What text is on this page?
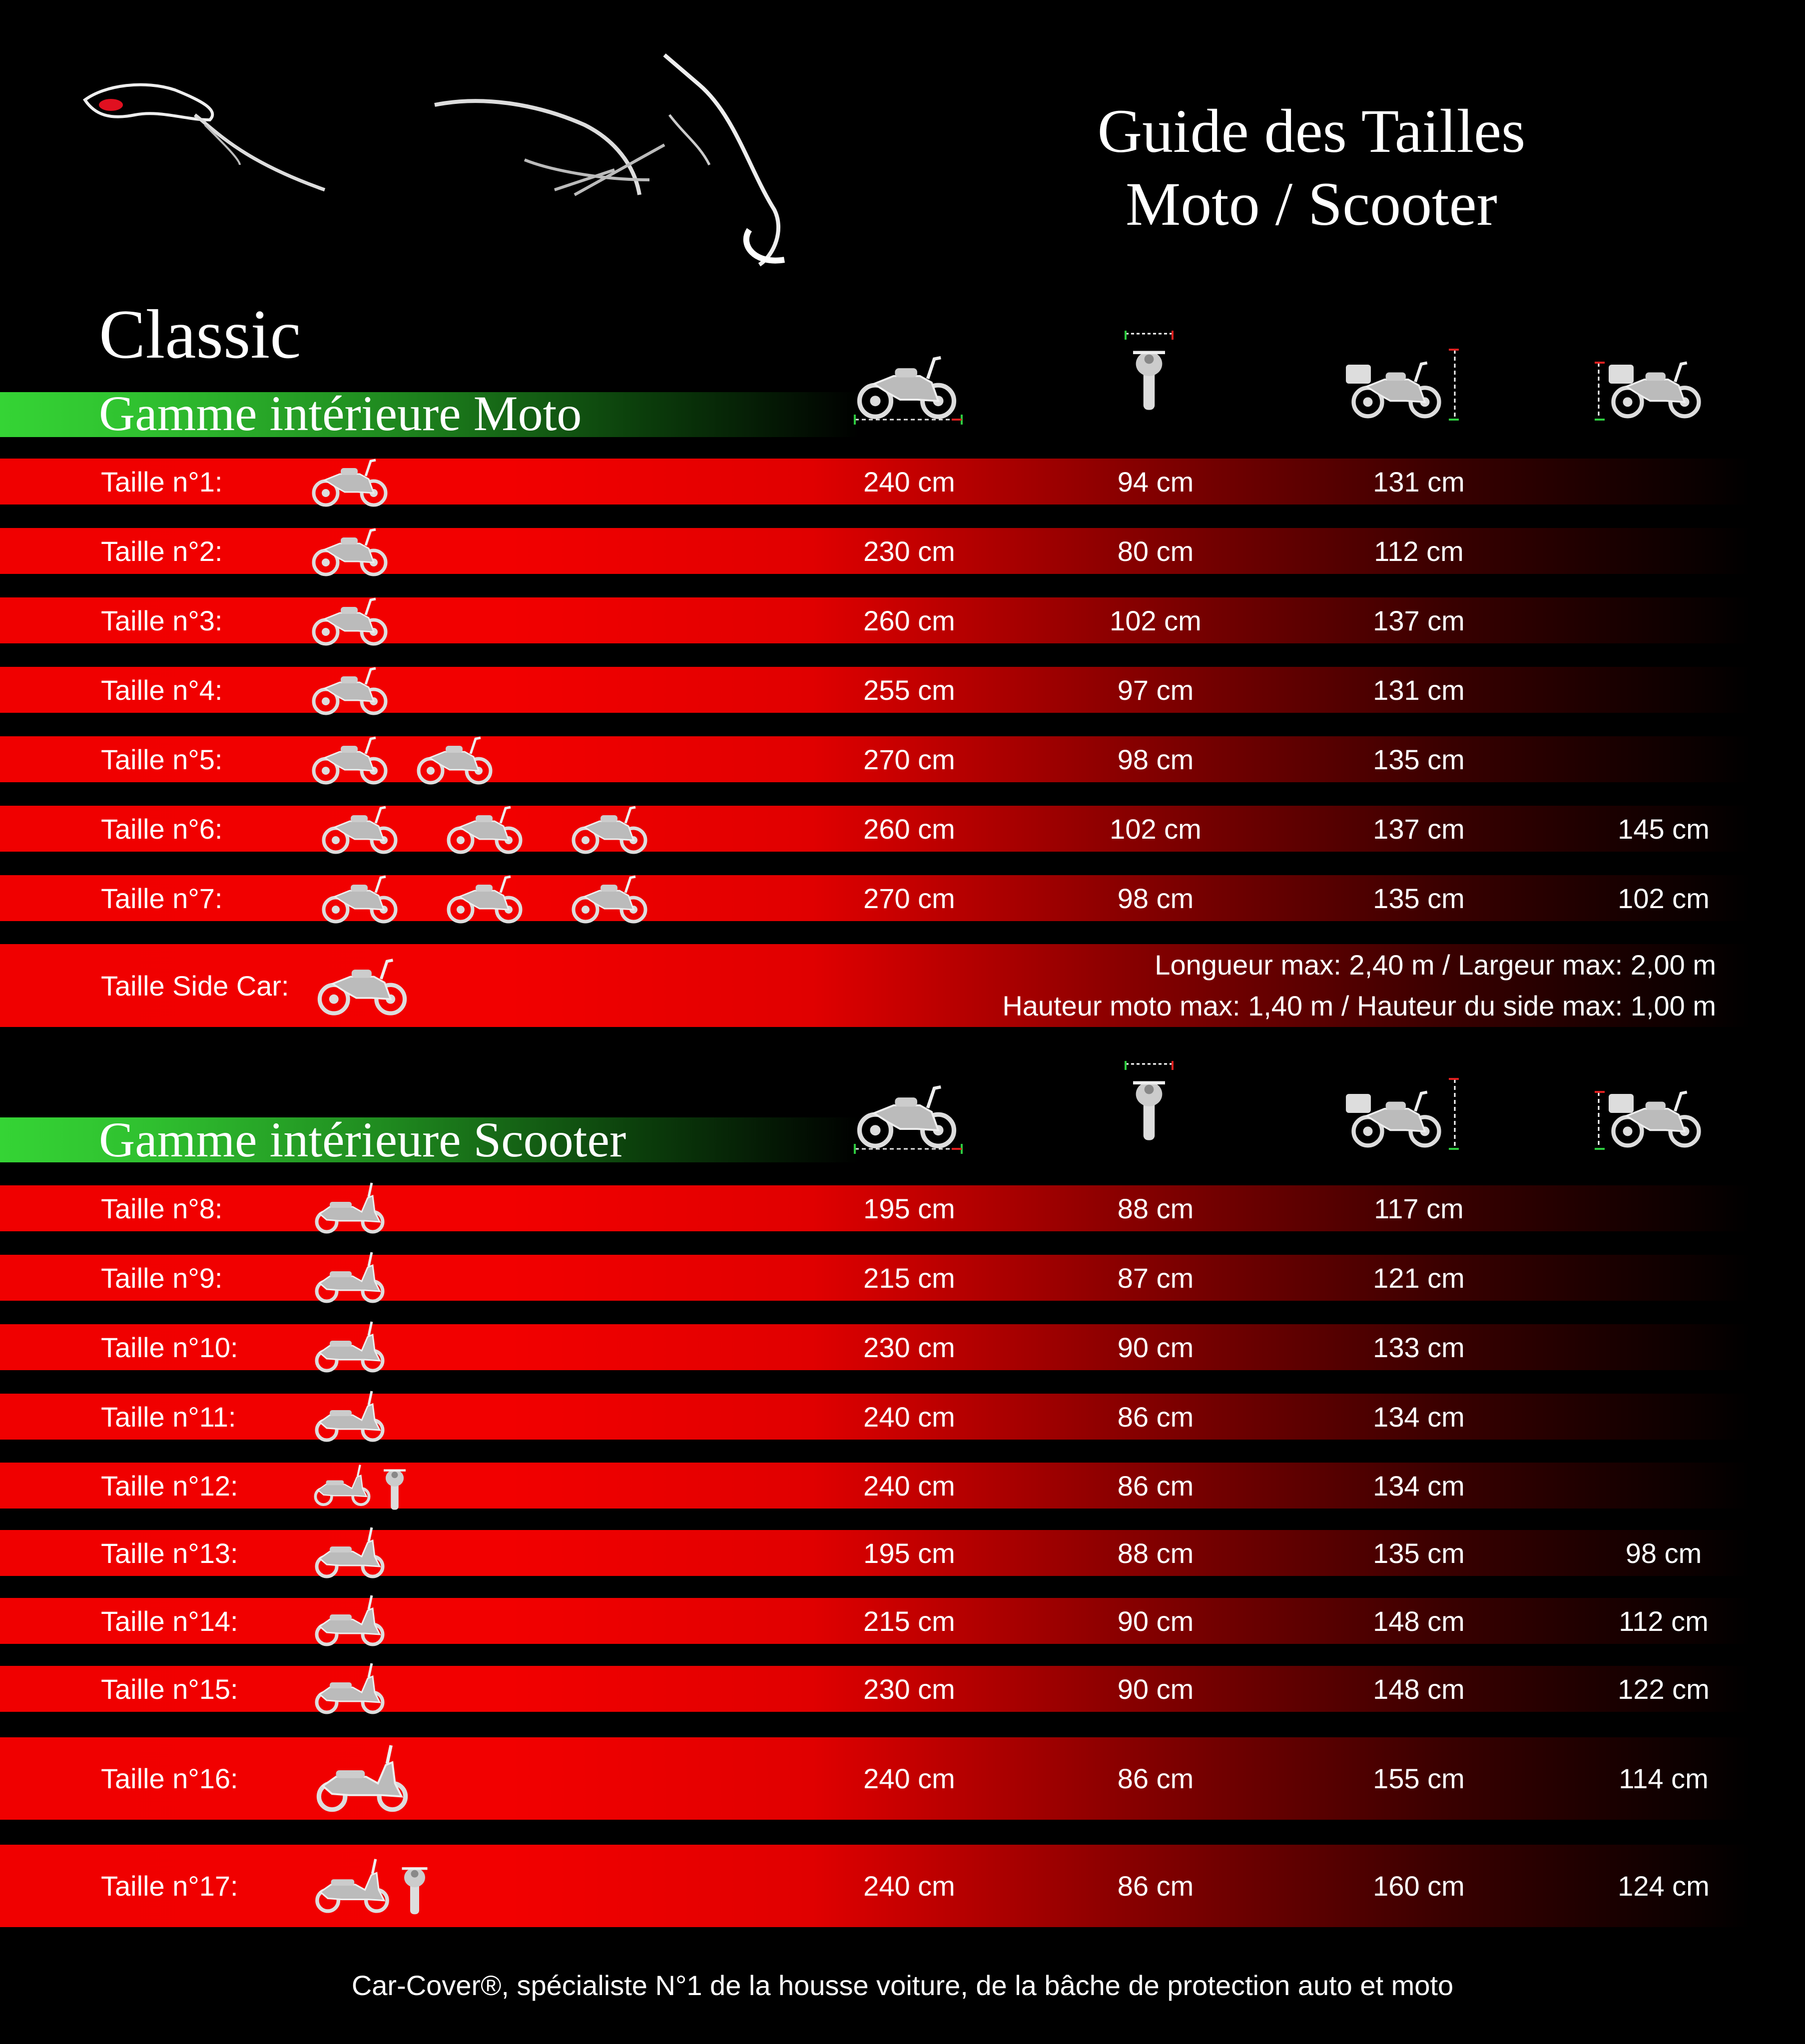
Guide des Tailles
Moto / Scooter
Classic
Gamme intérieure Moto
Taille n°1:	240 cm	94 cm	131 cm
Taille n°2:	230 cm	80 cm	112 cm
Taille n°3:	260 cm	102 cm	137 cm
Taille n°4:	255 cm	97 cm	131 cm
Taille n°5:	270 cm	98 cm	135 cm
Taille n°6:	260 cm	102 cm	137 cm	145 cm
Taille n°7:	270 cm	98 cm	135 cm	102 cm
Taille Side Car:
Longueur max: 2,40 m / Largeur max: 2,00 m
Hauteur moto max: 1,40 m / Hauteur du side max: 1,00 m
Gamme intérieure Scooter
Taille n°8:	195 cm	88 cm	117 cm
Taille n°9:	215 cm	87 cm	121 cm
Taille n°10:	230 cm	90 cm	133 cm
Taille n°11:	240 cm	86 cm	134 cm
Taille n°12:	240 cm	86 cm	134 cm
Taille n°13:	195 cm	88 cm	135 cm	98 cm
Taille n°14:	215 cm	90 cm	148 cm	112 cm
Taille n°15:	230 cm	90 cm	148 cm	122 cm
Taille n°16:	240 cm	86 cm	155 cm	114 cm
Taille n°17:	240 cm	86 cm	160 cm	124 cm
Car-Cover®, spécialiste N°1 de la housse voiture, de la bâche de protection auto et moto
